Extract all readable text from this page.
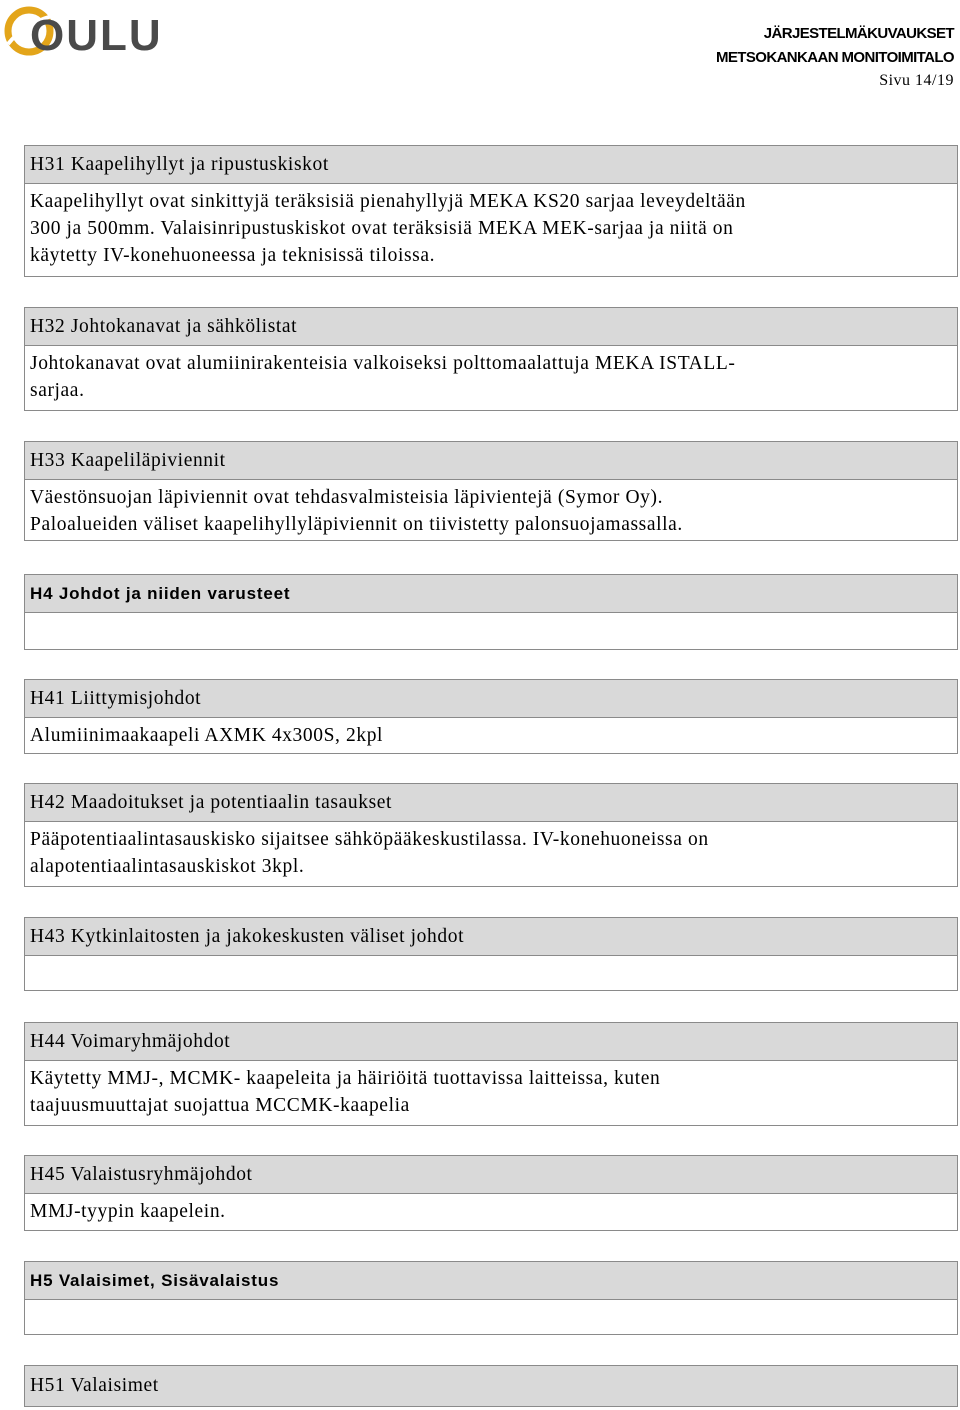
OULU	JÄRJESTELMÄKUVAUKSET
METSOKANKAAN MONITOIMITALO
Sivu 14/19
H31 Kaapelihyllyt ja ripustuskiskot
Kaapelihyllyt ovat sinkittyjä teräksisiä pienahyllyjä MEKA KS20 sarjaa leveydeltään
300 ja 500mm. Valaisinripustuskiskot ovat teräksisiä MEKA MEK-sarjaa ja niitä on
käytetty IV-konehuoneessa ja teknisissä tiloissa.
H32 Johtokanavat ja sähkölistat
Johtokanavat ovat alumiinirakenteisia valkoiseksi polttomaalattuja MEKA ISTALL-
sarjaa.
H33 Kaapeliläpiviennit
Väestönsuojan läpiviennit ovat tehdasvalmisteisia läpivientejä (Symor Oy).
Paloalueiden väliset kaapelihyllyläpiviennit on tiivistetty palonsuojamassalla.
H4 Johdot ja niiden varusteet
H41 Liittymisjohdot
Alumiinimaakaapeli AXMK 4x300S, 2kpl
H42 Maadoitukset ja potentiaalin tasaukset
Pääpotentiaalintasauskisko sijaitsee sähköpääkeskustilassa. IV-konehuoneissa on
alapotentiaalintasauskiskot 3kpl.
H43 Kytkinlaitosten ja jakokeskusten väliset johdot
H44 Voimaryhmäjohdot
Käytetty MMJ-, MCMK- kaapeleita ja häiriöitä tuottavissa laitteissa, kuten
taajuusmuuttajat suojattua MCCMK-kaapelia
H45 Valaistusryhmäjohdot
MMJ-tyypin kaapelein.
H5 Valaisimet, Sisävalaistus
H51 Valaisimet
